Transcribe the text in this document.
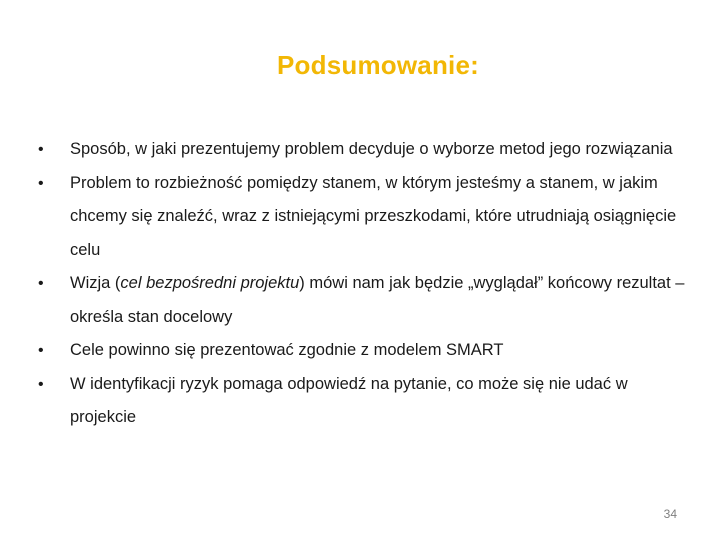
Podsumowanie:
• Sposób, w jaki prezentujemy problem decyduje o wyborze metod jego rozwiązania
• Problem to rozbieżność pomiędzy stanem, w którym jesteśmy a stanem, w jakim chcemy się znaleźć, wraz z istniejącymi przeszkodami, które utrudniają osiągnięcie celu
• Wizja (cel bezpośredni projektu) mówi nam jak będzie „wyglądał” końcowy rezultat – określa stan docelowy
• Cele powinno się prezentować zgodnie z modelem SMART
• W identyfikacji ryzyk pomaga odpowiedź na pytanie, co może się nie udać w projekcie
34
